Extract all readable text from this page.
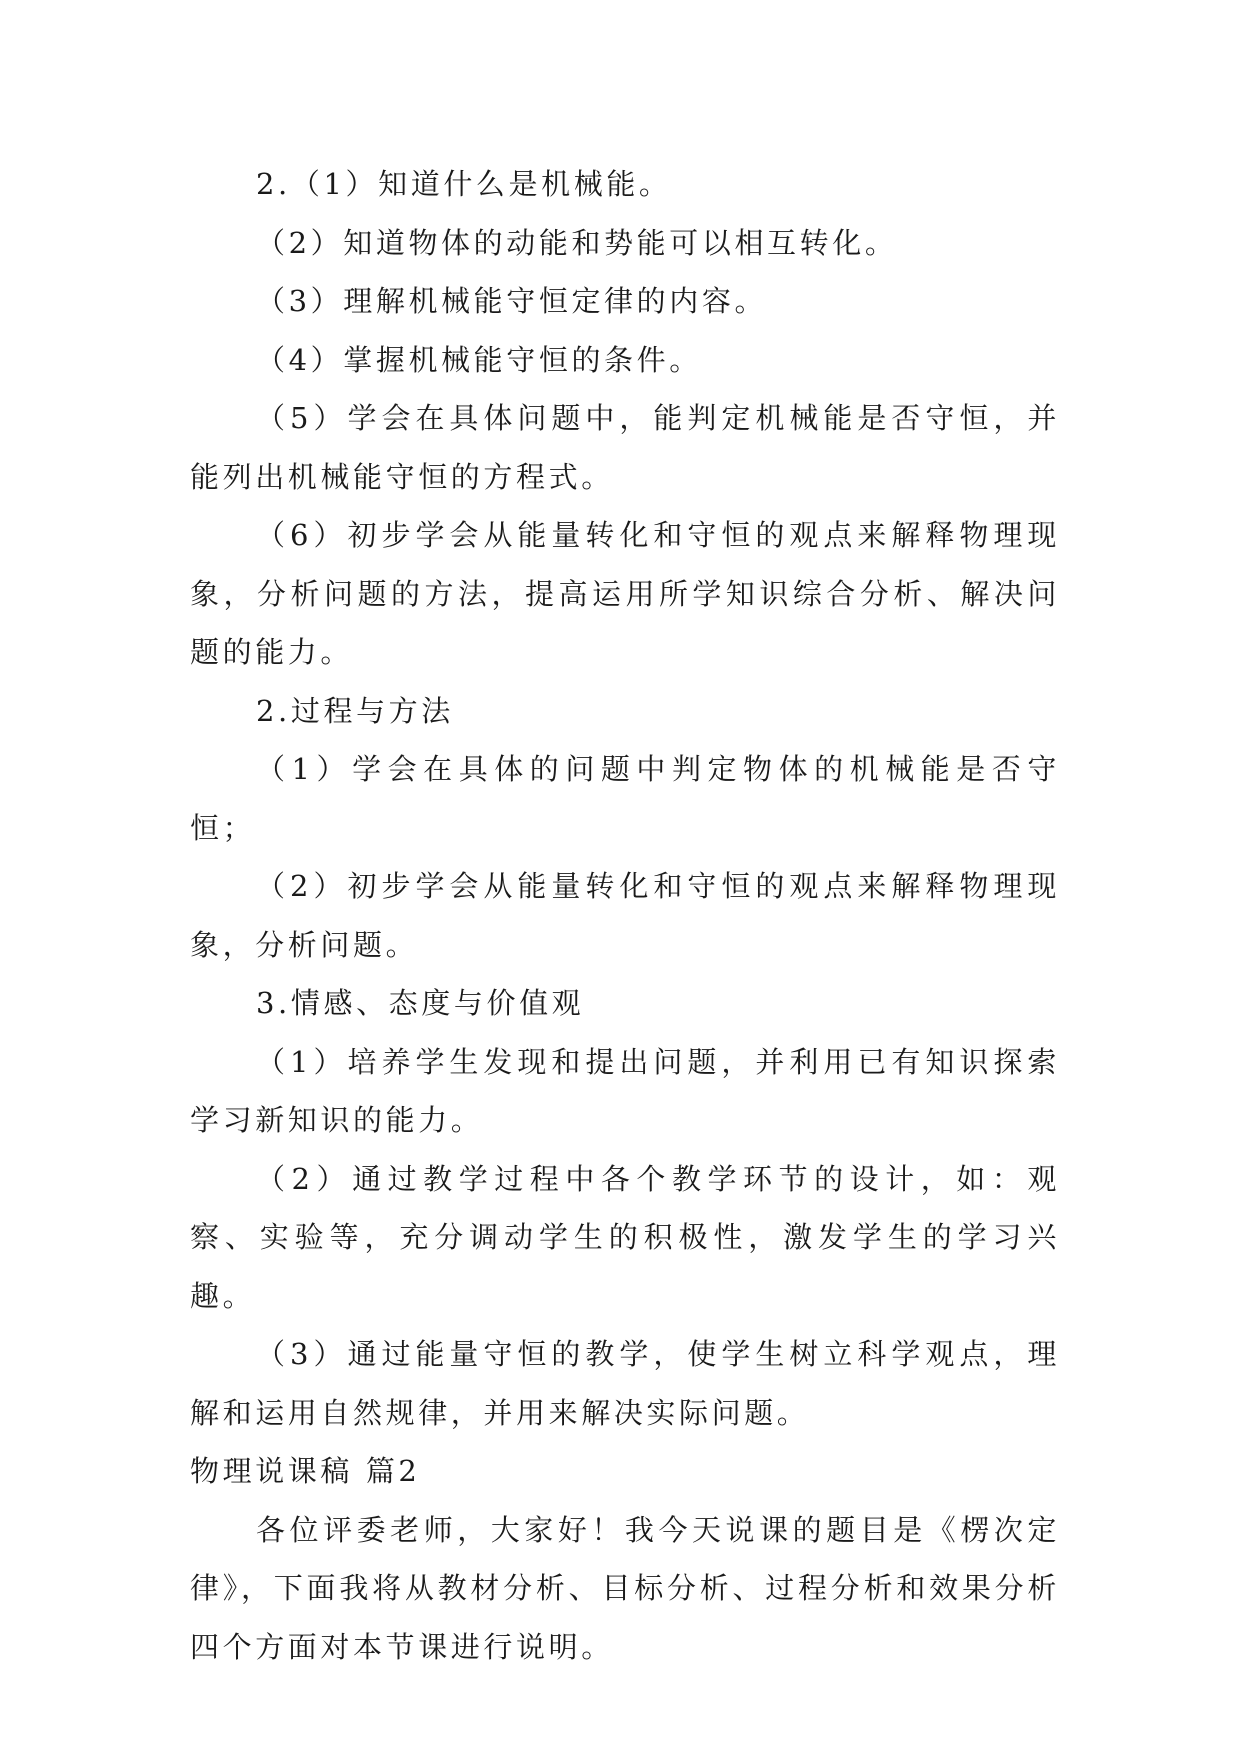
2.（1）知道什么是机械能。

（2）知道物体的动能和势能可以相互转化。

（3）理解机械能守恒定律的内容。

（4）掌握机械能守恒的条件。

（5）学会在具体问题中，能判定机械能是否守恒，并能列出机械能守恒的方程式。

（6）初步学会从能量转化和守恒的观点来解释物理现象，分析问题的方法，提高运用所学知识综合分析、解决问题的能力。

2.过程与方法

（1）学会在具体的问题中判定物体的机械能是否守恒；

（2）初步学会从能量转化和守恒的观点来解释物理现象，分析问题。

3.情感、态度与价值观

（1）培养学生发现和提出问题，并利用已有知识探索学习新知识的能力。

（2）通过教学过程中各个教学环节的设计，如：观察、实验等，充分调动学生的积极性，激发学生的学习兴趣。

（3）通过能量守恒的教学，使学生树立科学观点，理解和运用自然规律，并用来解决实际问题。

物理说课稿 篇2

各位评委老师，大家好！我今天说课的题目是《楞次定律》，下面我将从教材分析、目标分析、过程分析和效果分析四个方面对本节课进行说明。
